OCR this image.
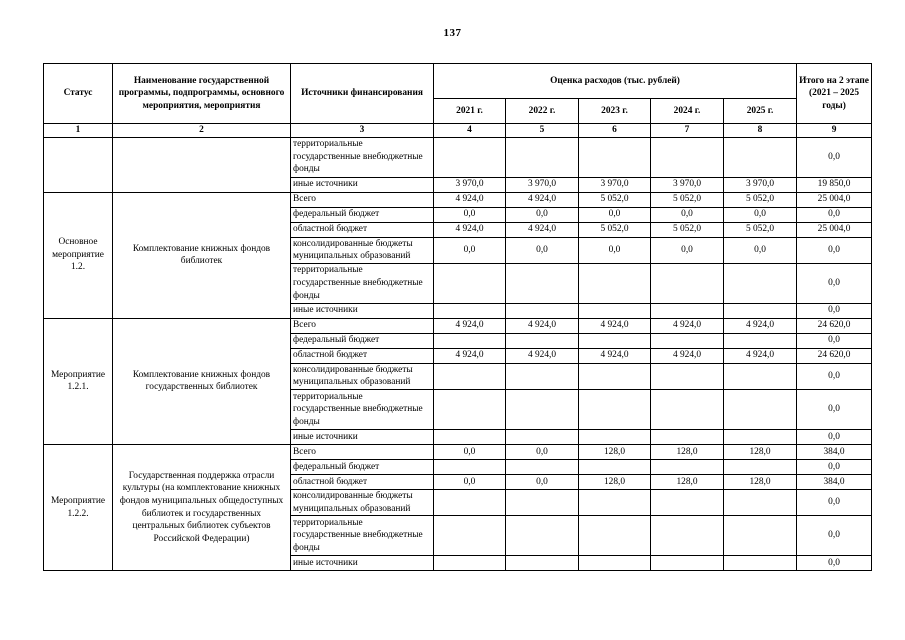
137
Статус	Наименование государственной программы, подпрограммы, основного мероприятия, мероприятия	Источники финансирования	Оценка расходов (тыс. рублей)					Итого на 2 этапе (2021 – 2025 годы)
			2021 г.	2022 г.	2023 г.	2024 г.	2025 г.	
1	2	3	4	5	6	7	8	9
		территориальные государственные внебюджетные фонды						0,0
		иные источники	3 970,0	3 970,0	3 970,0	3 970,0	3 970,0	19 850,0
Основное мероприятие 1.2.	Комплектование книжных фондов библиотек	Всего	4 924,0	4 924,0	5 052,0	5 052,0	5 052,0	25 004,0
		федеральный бюджет	0,0	0,0	0,0	0,0	0,0	0,0
		областной бюджет	4 924,0	4 924,0	5 052,0	5 052,0	5 052,0	25 004,0
		консолидированные бюджеты муниципальных образований	0,0	0,0	0,0	0,0	0,0	0,0
		территориальные государственные внебюджетные фонды						0,0
		иные источники						0,0
Мероприятие 1.2.1.	Комплектование книжных фондов государственных библиотек	Всего	4 924,0	4 924,0	4 924,0	4 924,0	4 924,0	24 620,0
		федеральный бюджет						0,0
		областной бюджет	4 924,0	4 924,0	4 924,0	4 924,0	4 924,0	24 620,0
		консолидированные бюджеты муниципальных образований						0,0
		территориальные государственные внебюджетные фонды						0,0
		иные источники						0,0
Мероприятие 1.2.2.	Государственная поддержка отрасли культуры (на комплектование книжных фондов муниципальных общедоступных библиотек и государственных центральных библиотек субъектов Российской Федерации)	Всего	0,0	0,0	128,0	128,0	128,0	384,0
		федеральный бюджет						0,0
		областной бюджет	0,0	0,0	128,0	128,0	128,0	384,0
		консолидированные бюджеты муниципальных образований						0,0
		территориальные государственные внебюджетные фонды						0,0
		иные источники						0,0
